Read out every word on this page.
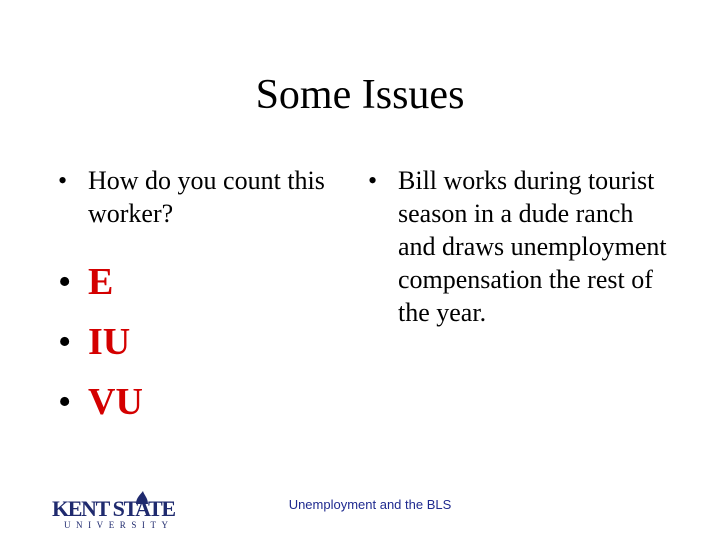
Some Issues
• How do you count this worker?
• E
• IU
• VU
• Bill works during tourist season in a dude ranch and draws unemployment compensation the rest of the year.
KENT STATE
UNIVERSITY
Unemployment and the BLS
